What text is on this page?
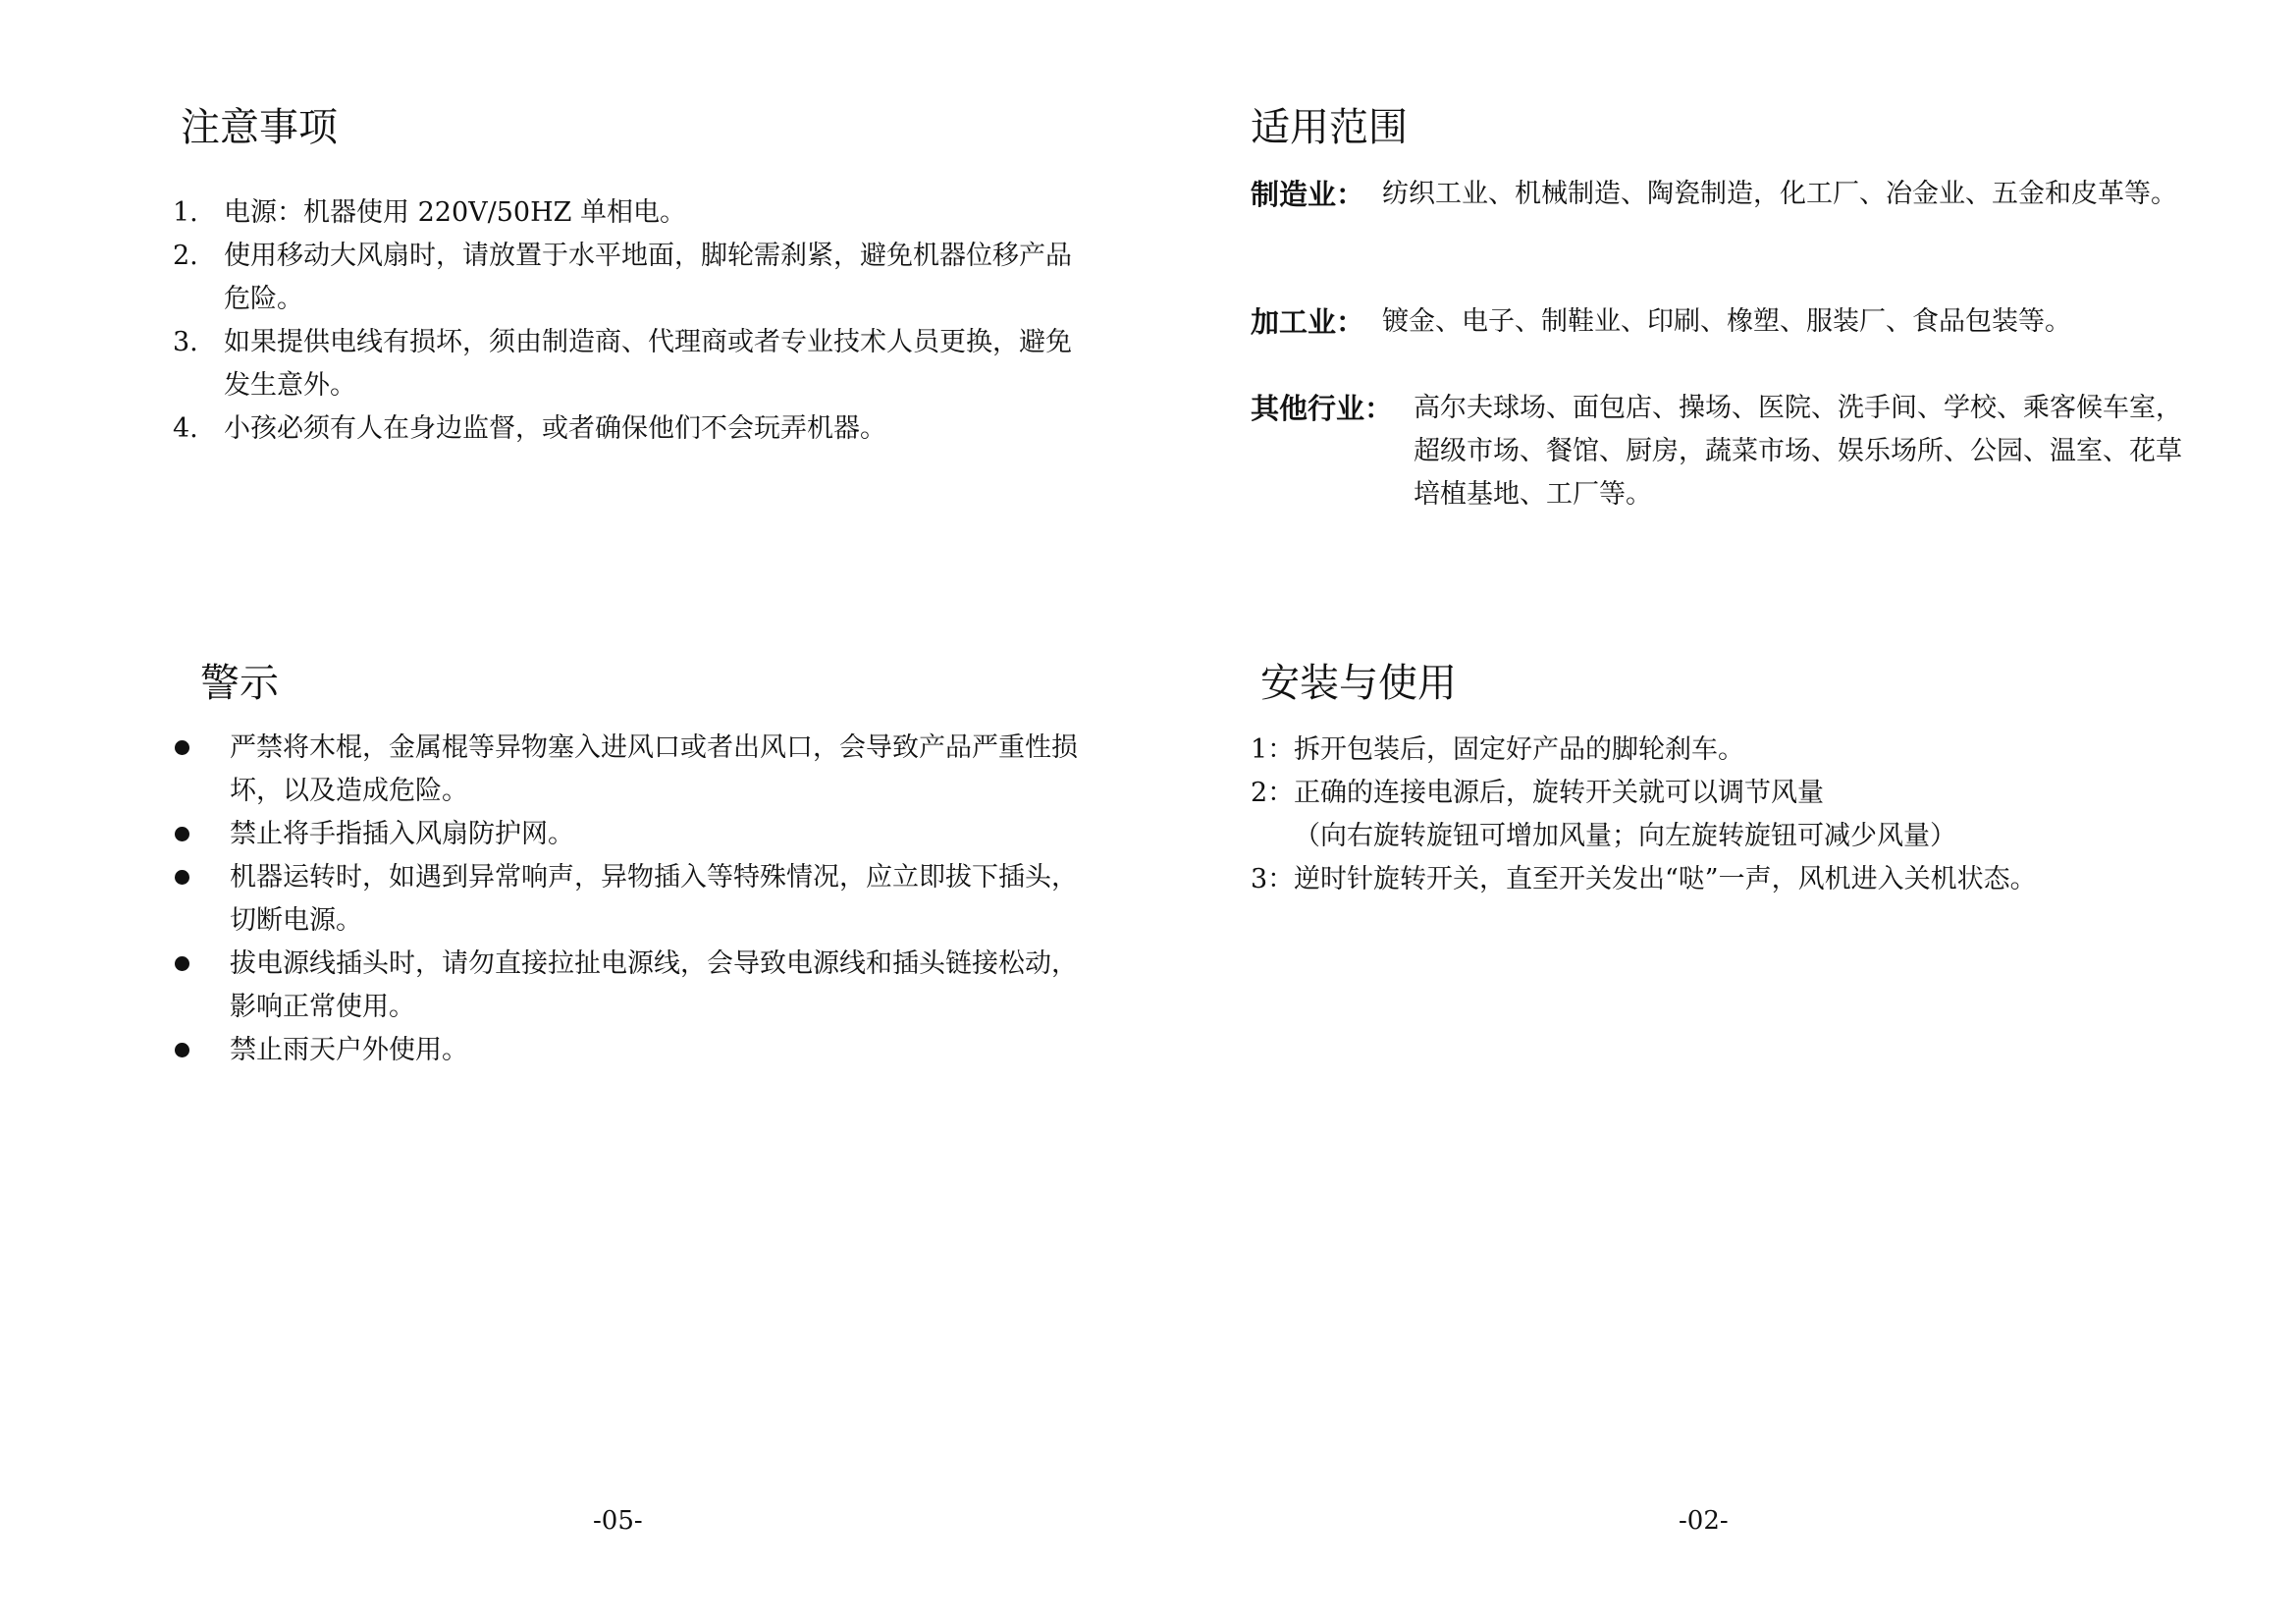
注意事项
1. 电源：机器使用 220V/50HZ 单相电。
2. 使用移动大风扇时，请放置于水平地面，脚轮需刹紧，避免机器位移产品危险。
3. 如果提供电线有损坏，须由制造商、代理商或者专业技术人员更换，避免发生意外。
4. 小孩必须有人在身边监督，或者确保他们不会玩弄机器。
警示
严禁将木棍，金属棍等异物塞入进风口或者出风口，会导致产品严重性损坏，以及造成危险。
禁止将手指插入风扇防护网。
机器运转时，如遇到异常响声，异物插入等特殊情况，应立即拔下插头，切断电源。
拔电源线插头时，请勿直接拉扯电源线，会导致电源线和插头链接松动，影响正常使用。
禁止雨天户外使用。
-05-
适用范围
制造业： 纺织工业、机械制造、陶瓷制造，化工厂、冶金业、五金和皮革等。
加工业： 镀金、电子、制鞋业、印刷、橡塑、服装厂、食品包装等。
其他行业： 高尔夫球场、面包店、操场、医院、洗手间、学校、乘客候车室，超级市场、餐馆、厨房，蔬菜市场、娱乐场所、公园、温室、花草培植基地、工厂等。
安装与使用
1： 拆开包装后，固定好产品的脚轮刹车。
2： 正确的连接电源后，旋转开关就可以调节风量
（向右旋转旋钮可增加风量；向左旋转旋钮可减少风量）
3： 逆时针旋转开关，直至开关发出“哒”一声，风机进入关机状态。
-02-
